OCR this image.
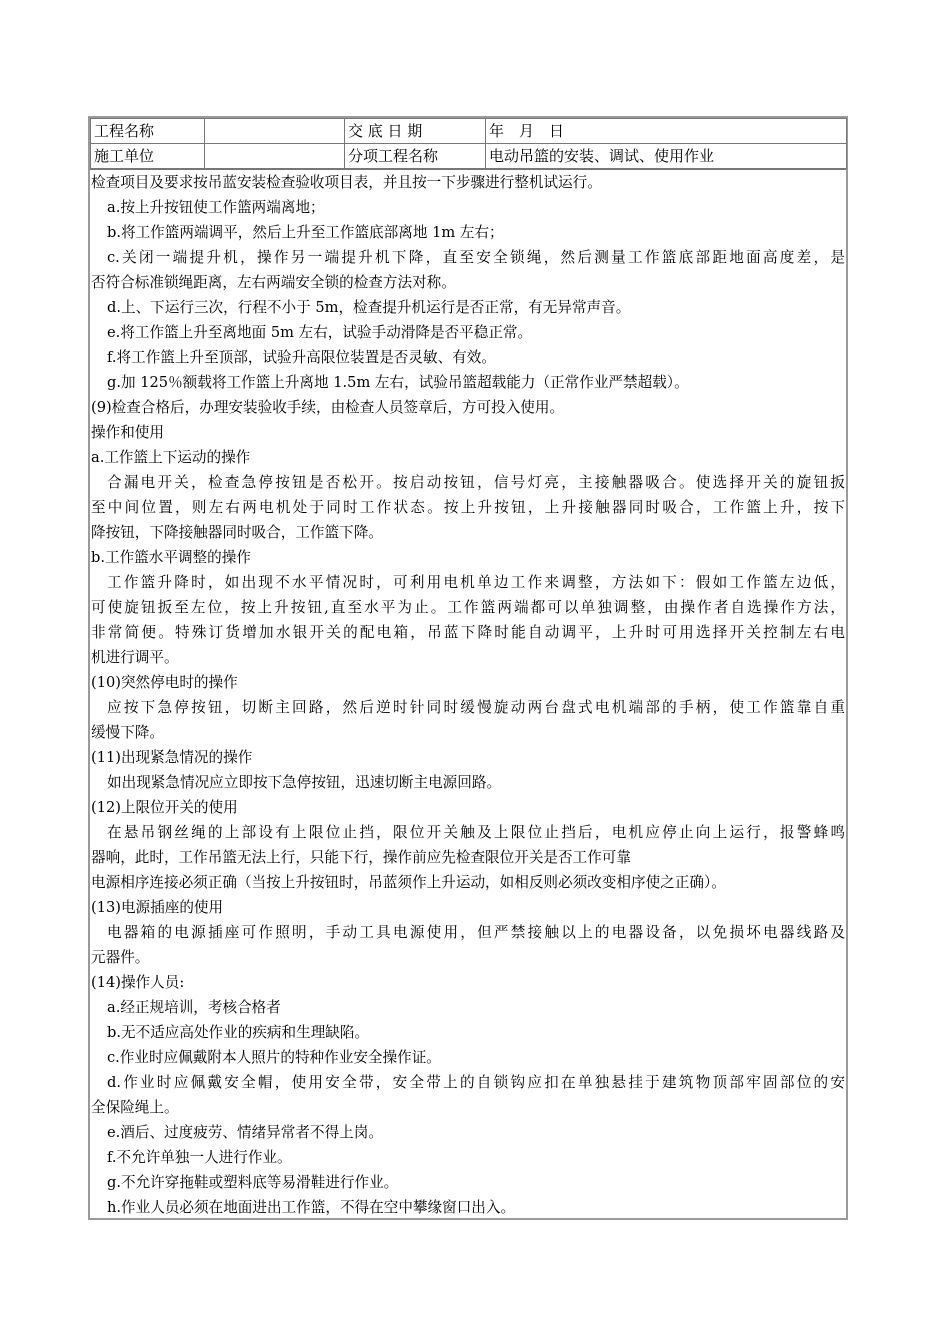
工程名称		交 底 日 期	年　月　日
施工单位		分项工程名称	电动吊篮的安装、调试、使用作业
检查项目及要求按吊蓝安装检查验收项目表，并且按一下步骤进行整机试运行。
a.按上升按钮使工作篮两端离地；
b.将工作篮两端调平，然后上升至工作篮底部离地 1m 左右；
c.关闭一端提升机，操作另一端提升机下降，直至安全锁绳，然后测量工作篮底部距地面高度差，是
否符合标准锁绳距离，左右两端安全锁的检查方法对称。
d.上、下运行三次，行程不小于 5m，检查提升机运行是否正常，有无异常声音。
e.将工作篮上升至离地面 5m 左右，试验手动滑降是否平稳正常。
f.将工作篮上升至顶部，试验升高限位装置是否灵敏、有效。
g.加 125％额载将工作篮上升离地 1.5m 左右，试验吊篮超载能力（正常作业严禁超载）。
(9)检查合格后，办理安装验收手续，由检查人员签章后，方可投入使用。
操作和使用
a.工作篮上下运动的操作
合漏电开关，检查急停按钮是否松开。按启动按钮，信号灯亮，主接触器吸合。使选择开关的旋钮扳
至中间位置，则左右两电机处于同时工作状态。按上升按钮，上升接触器同时吸合，工作篮上升，按下
降按钮，下降接触器同时吸合，工作篮下降。
b.工作篮水平调整的操作
工作篮升降时，如出现不水平情况时，可利用电机单边工作来调整，方法如下：假如工作篮左边低，
可使旋钮扳至左位，按上升按钮,直至水平为止。工作篮两端都可以单独调整，由操作者自选操作方法，
非常简便。特殊订货增加水银开关的配电箱，吊蓝下降时能自动调平，上升时可用选择开关控制左右电
机进行调平。
(10)突然停电时的操作
应按下急停按钮，切断主回路，然后逆时针同时缓慢旋动两台盘式电机端部的手柄，使工作篮靠自重
缓慢下降。
(11)出现紧急情况的操作
如出现紧急情况应立即按下急停按钮，迅速切断主电源回路。
(12)上限位开关的使用
在悬吊钢丝绳的上部设有上限位止挡，限位开关触及上限位止挡后，电机应停止向上运行，报警蜂鸣
器响，此时，工作吊篮无法上行，只能下行，操作前应先检查限位开关是否工作可靠
电源相序连接必须正确（当按上升按钮时，吊蓝须作上升运动，如相反则必须改变相序使之正确）。
(13)电源插座的使用
电器箱的电源插座可作照明，手动工具电源使用，但严禁接触以上的电器设备，以免损坏电器线路及
元器件。
(14)操作人员:
a.经正规培训，考核合格者
b.无不适应高处作业的疾病和生理缺陷。
c.作业时应佩戴附本人照片的特种作业安全操作证。
d.作业时应佩戴安全帽，使用安全带，安全带上的自锁钩应扣在单独悬挂于建筑物顶部牢固部位的安
全保险绳上。
e.酒后、过度疲劳、情绪异常者不得上岗。
f.不允许单独一人进行作业。
g.不允许穿拖鞋或塑料底等易滑鞋进行作业。
h.作业人员必须在地面进出工作篮，不得在空中攀缘窗口出入。
